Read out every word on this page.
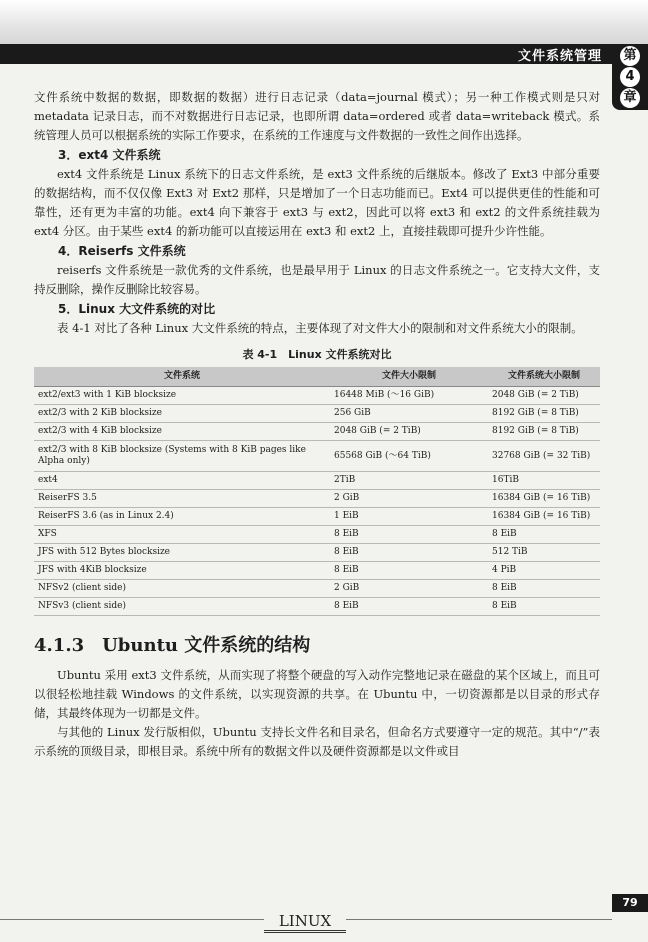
文件系统管理 第
4
章

文件系统中数据的数据，即数据的数据）进行日志记录（data=journal 模式）；另一种工作模式则是只对 metadata 记录日志，而不对数据进行日志记录，也即所谓 data=ordered 或者 data=writeback 模式。系统管理人员可以根据系统的实际工作要求，在系统的工作速度与文件数据的一致性之间作出选择。

3．ext4 文件系统

ext4 文件系统是 Linux 系统下的日志文件系统，是 ext3 文件系统的后继版本。修改了 Ext3 中部分重要的数据结构，而不仅仅像 Ext3 对 Ext2 那样，只是增加了一个日志功能而已。Ext4 可以提供更佳的性能和可靠性，还有更为丰富的功能。ext4 向下兼容于 ext3 与 ext2，因此可以将 ext3 和 ext2 的文件系统挂载为 ext4 分区。由于某些 ext4 的新功能可以直接运用在 ext3 和 ext2 上，直接挂载即可提升少许性能。

4．Reiserfs 文件系统

reiserfs 文件系统是一款优秀的文件系统，也是最早用于 Linux 的日志文件系统之一。它支持大文件，支持反删除，操作反删除比较容易。

5．Linux 大文件系统的对比

表 4-1 对比了各种 Linux 大文件系统的特点，主要体现了对文件大小的限制和对文件系统大小的限制。

表 4-1　Linux 文件系统对比
文件系统	文件大小限制	文件系统大小限制
ext2/ext3 with 1 KiB blocksize	16448 MiB (～16 GiB)	2048 GiB (= 2 TiB)
ext2/3 with 2 KiB blocksize	256 GiB	8192 GiB (= 8 TiB)
ext2/3 with 4 KiB blocksize	2048 GiB (= 2 TiB)	8192 GiB (= 8 TiB)
ext2/3 with 8 KiB blocksize (Systems with 8 KiB pages like Alpha only)	65568 GiB (～64 TiB)	32768 GiB (= 32 TiB)
ext4	2TiB	16TiB
ReiserFS 3.5	2 GiB	16384 GiB (= 16 TiB)
ReiserFS 3.6 (as in Linux 2.4)	1 EiB	16384 GiB (= 16 TiB)
XFS	8 EiB	8 EiB
JFS with 512 Bytes blocksize	8 EiB	512 TiB
JFS with 4KiB blocksize	8 EiB	4 PiB
NFSv2 (client side)	2 GiB	8 EiB
NFSv3 (client side)	8 EiB	8 EiB
4.1.3　Ubuntu 文件系统的结构

Ubuntu 采用 ext3 文件系统，从而实现了将整个硬盘的写入动作完整地记录在磁盘的某个区域上，而且可以很轻松地挂载 Windows 的文件系统，以实现资源的共享。在 Ubuntu 中，一切资源都是以目录的形式存储，其最终体现为一切都是文件。

与其他的 Linux 发行版相似，Ubuntu 支持长文件名和目录名，但命名方式要遵守一定的规范。其中“/”表示系统的顶级目录，即根目录。系统中所有的数据文件以及硬件资源都是以文件或目

LINUX
79
